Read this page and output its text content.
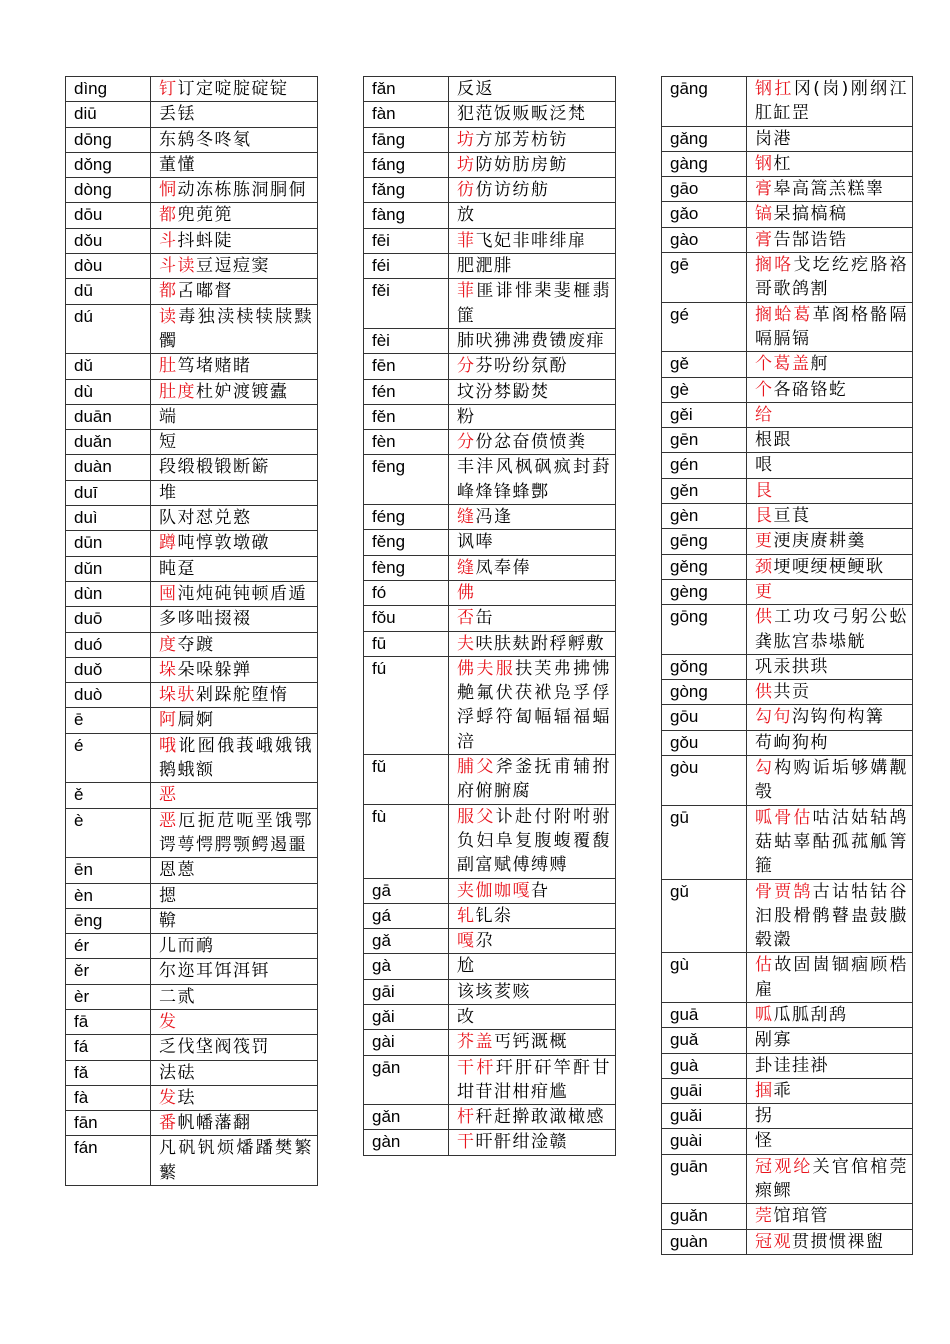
dìng	钉订定啶腚碇锭
diū	丢铥
dōng	东鸫冬咚氡
dǒng	董懂
dòng	恫动冻栋胨洞胴侗
dōu	都兜蔸篼
dǒu	斗抖蚪陡
dòu	斗读豆逗痘窦
dū	都叾嘟督
dú	读毒独渎椟犊牍黩髑
dǔ	肚笃堵赌睹
dù	肚度杜妒渡镀蠹
duān	端
duǎn	短
duàn	段缎椴锻断簖
duī	堆
duì	队对怼兑憝
dūn	蹲吨惇敦墩礅
dǔn	盹趸
dùn	囤沌炖砘钝顿盾遁
duō	多哆咄掇裰
duó	度夺踱
duǒ	垛朵哚躲亸
duò	垛驮剁跺舵堕惰
ē	阿屙婀
é	哦讹囮俄莪峨娥锇鹅蛾额
ě	恶
è	恶厄扼苊呃垩饿鄂谔萼愕腭颚鳄遏噩
ēn	恩蒽
èn	摁
ēng	鞥
ér	儿而鸸
ěr	尔迩耳饵洱铒
èr	二贰
fā	发
fá	乏伐垡阀筏罚
fǎ	法砝
fà	发珐
fān	番帆幡藩翻
fán	凡矾钒烦燔蹯樊繁蘩
fǎn	反返
fàn	犯范饭贩畈泛梵
fāng	坊方邡芳枋钫
fáng	坊防妨肪房鲂
fǎng	彷仿访纺舫
fàng	放
fēi	菲飞妃非啡绯扉
féi	肥淝腓
fěi	菲匪诽悱棐斐榧翡篚
fèi	肺吠狒沸费镄废痱
fēn	分芬吩纷氛酚
fén	坟汾棼鼢焚
fěn	粉
fèn	分份忿奋偾愤粪
fēng	丰沣风枫砜疯封葑峰烽锋蜂酆
féng	缝冯逢
fěng	讽唪
fèng	缝凤奉俸
fó	佛
fǒu	否缶
fū	夫呋肤麸跗稃孵敷
fú	佛夫服扶芙弗拂怫艴氟伏茯袱凫孚俘浮蜉符匐幅辐福蝠涪
fǔ	脯父斧釜抚甫辅拊府俯腑腐
fù	服父讣赴付附咐驸负妇阜复腹蝮覆馥副富赋傅缚赙
gā	夹伽咖嘎旮
gá	轧钆尜
gǎ	嘎尕
gà	尬
gāi	该垓荄赅
gǎi	改
gài	芥盖丐钙溉概
gān	干杆玕肝矸竿酐甘坩苷泔柑疳尴
gǎn	杆秆赶擀敢澉橄感
gàn	干旰骭绀淦赣
gāng	钢扛冈(岗)刚纲江肛缸罡
gǎng	岗港
gàng	钢杠
gāo	膏皋高篙羔糕睾
gǎo	镐杲搞槁稿
gào	膏告郜诰锆
gē	搁咯戈圪纥疙胳袼哥歌鸽割
gé	搁蛤葛革阁格骼隔嗝膈镉
gě	个葛盖舸
gè	个各硌铬虼
gěi	给
gēn	根跟
gén	哏
gěn	艮
gèn	艮亘茛
gēng	更浭庚赓耕羹
gěng	颈埂哽绠梗鲠耿
gèng	更
gōng	供工功攻弓躬公蚣龚肱宫恭塨觥
gǒng	巩汞拱珙
gòng	供共贡
gōu	勾句沟钩佝构篝
gǒu	苟岣狗枸
gòu	勾构购诟垢够媾觏彀
gū	呱骨估咕沽姑轱鸪菇蛄辜酤孤菰觚箐箍
gǔ	骨贾鹄古诂牯钴谷汩股榾鹘瞽蛊鼓臌毂瀔
gù	估故固崮锢痼顾梏雇
guā	呱瓜胍刮鸹
guǎ	剐寡
guà	卦诖挂褂
guāi	掴乖
guǎi	拐
guài	怪
guān	冠观纶关官倌棺莞瘝鳏
guǎn	莞馆琯管
guàn	冠观贯掼惯祼盥
